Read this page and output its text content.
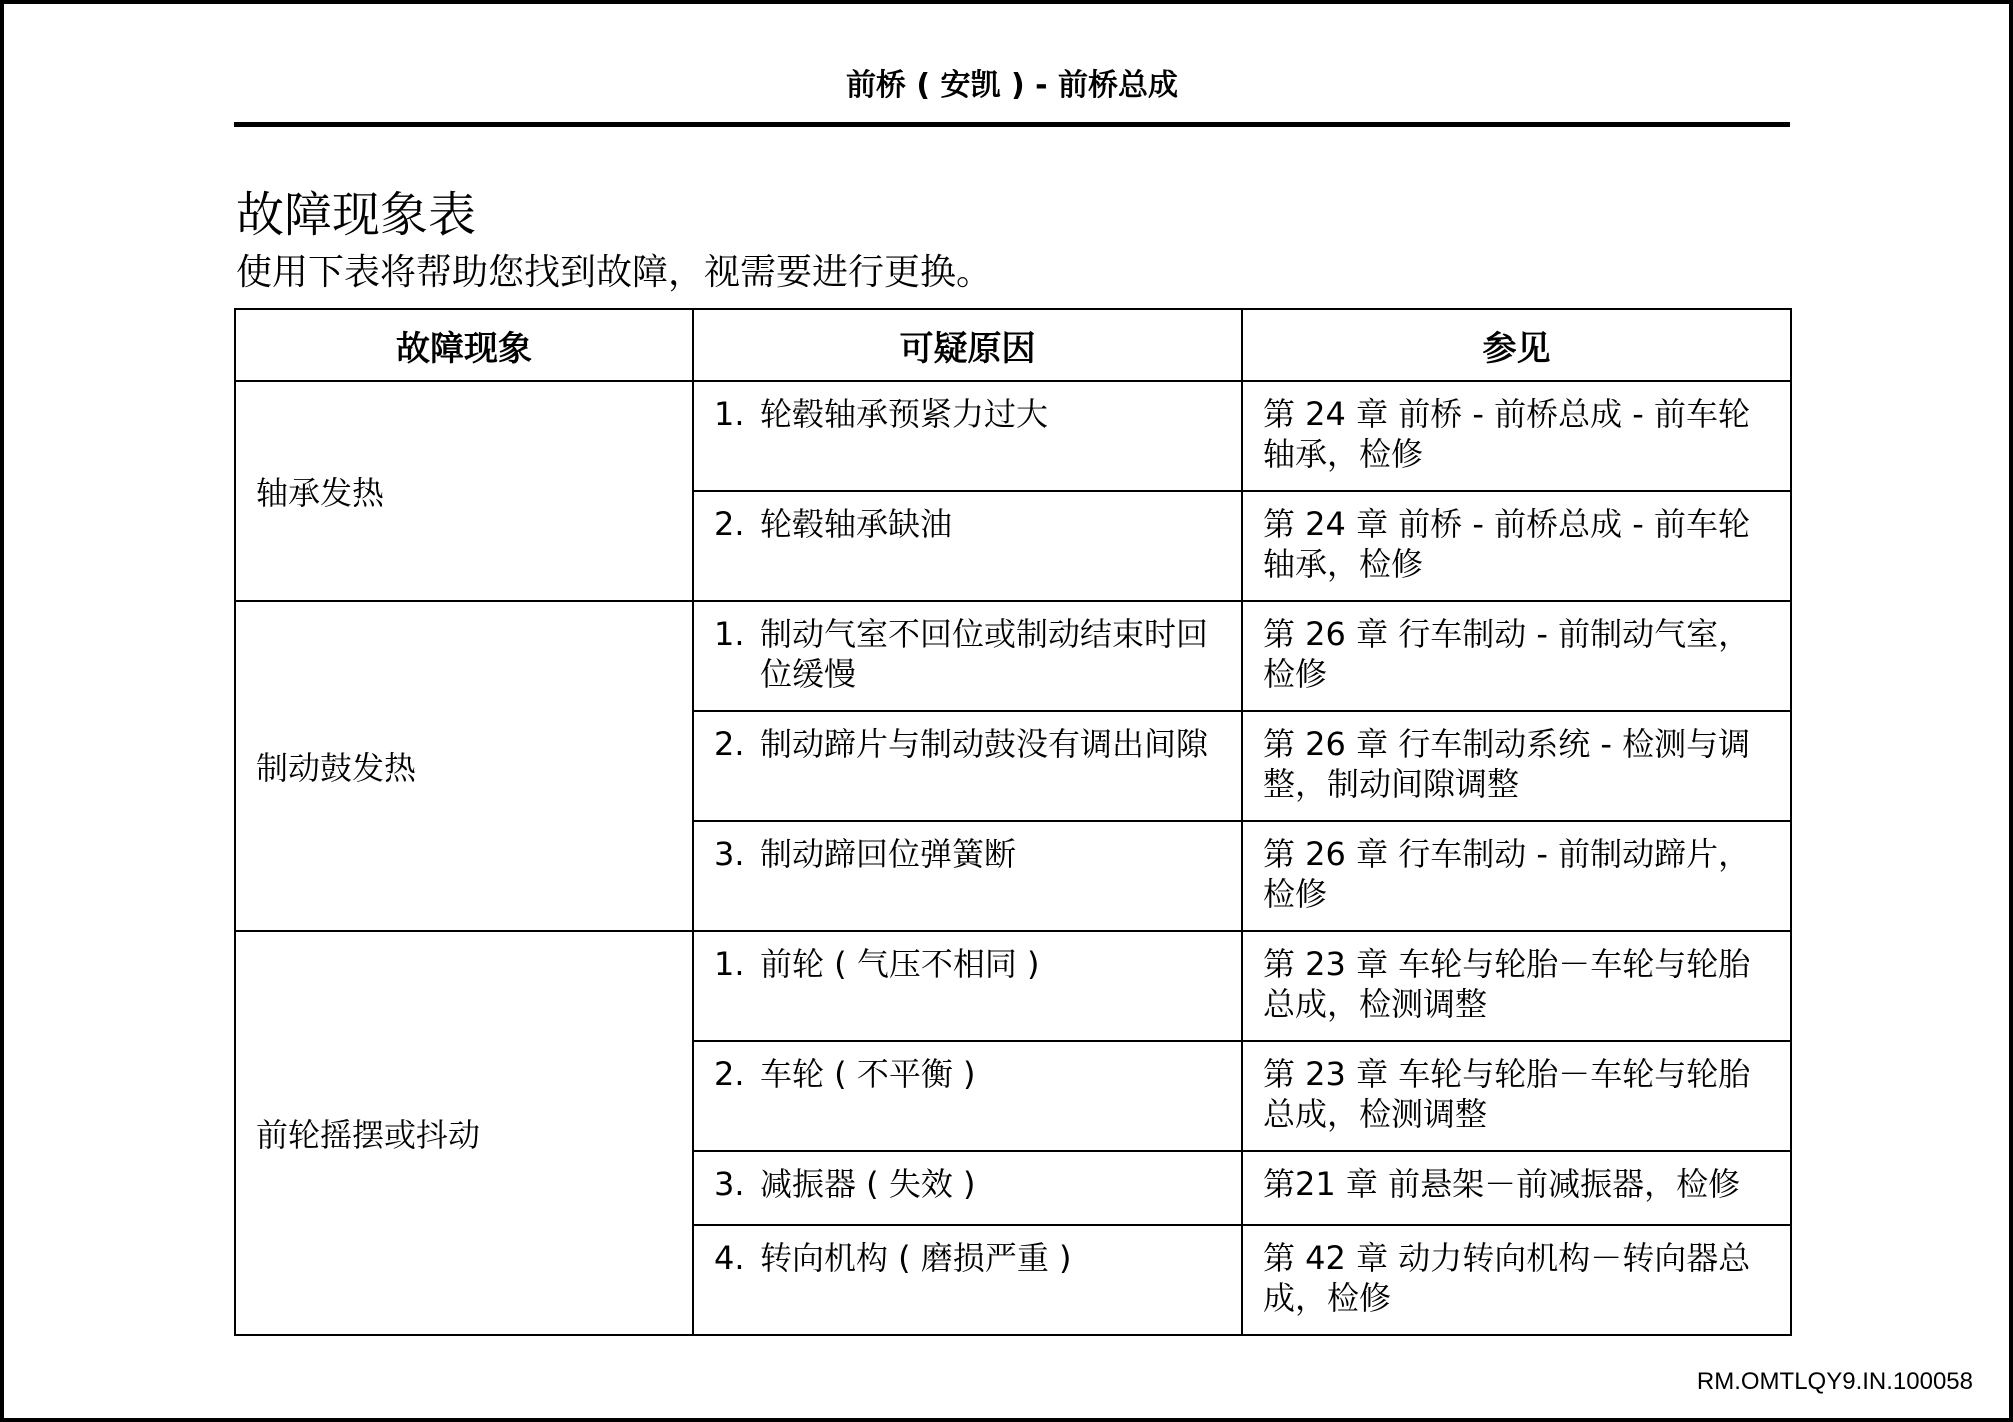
前桥 ( 安凯 ) - 前桥总成
故障现象表
使用下表将帮助您找到故障，视需要进行更换。
故障现象	可疑原因	参见
轴承发热	1. 轮毂轴承预紧力过大	第 24 章 前桥 - 前桥总成 - 前车轮轴承，检修

	2. 轮毂轴承缺油	第 24 章 前桥 - 前桥总成 - 前车轮轴承，检修
制动鼓发热	1. 制动气室不回位或制动结束时回位缓慢	第 26 章 行车制动 - 前制动气室，检修

	2. 制动蹄片与制动鼓没有调出间隙	第 26 章 行车制动系统 - 检测与调整，制动间隙调整

	3. 制动蹄回位弹簧断	第 26 章 行车制动 - 前制动蹄片，检修
前轮摇摆或抖动	1. 前轮 ( 气压不相同 )	第 23 章 车轮与轮胎－车轮与轮胎总成，检测调整

	2. 车轮 ( 不平衡 )	第 23 章 车轮与轮胎－车轮与轮胎总成，检测调整

	3. 减振器 ( 失效 )	第21 章 前悬架－前减振器，检修

	4. 转向机构 ( 磨损严重 )	第 42 章 动力转向机构－转向器总成，检修
RM.OMTLQY9.IN.100058
